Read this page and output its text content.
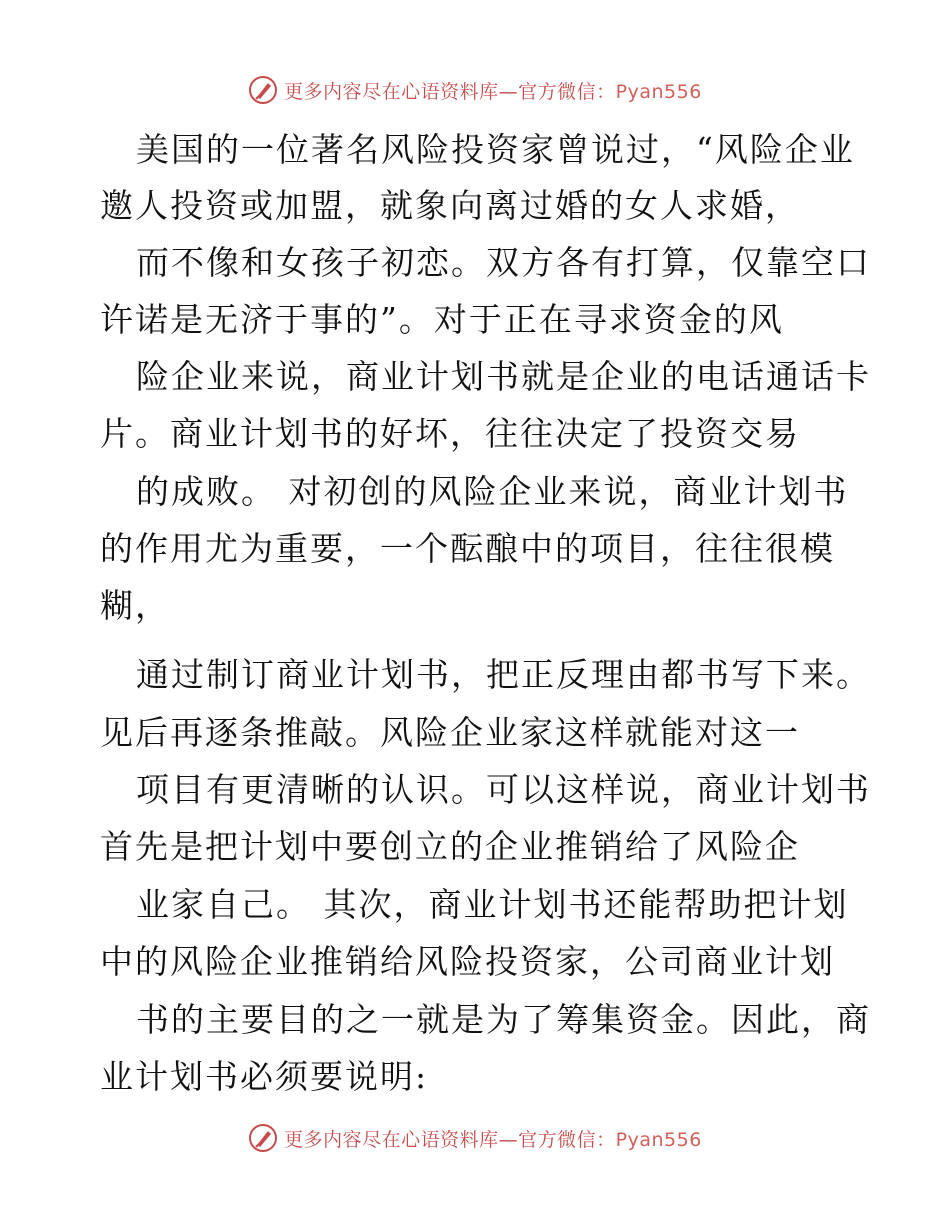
更多内容尽在心语资料库—官方微信：Pyan556
美国的一位著名风险投资家曾说过，“风险企业
邀人投资或加盟，就象向离过婚的女人求婚，
而不像和女孩子初恋。双方各有打算，仅靠空口
许诺是无济于事的”。对于正在寻求资金的风
险企业来说，商业计划书就是企业的电话通话卡
片。商业计划书的好坏，往往决定了投资交易
的成败。 对初创的风险企业来说，商业计划书
的作用尤为重要，一个酝酿中的项目，往往很模
糊，
通过制订商业计划书，把正反理由都书写下来。
见后再逐条推敲。风险企业家这样就能对这一
项目有更清晰的认识。可以这样说，商业计划书
首先是把计划中要创立的企业推销给了风险企
业家自己。 其次，商业计划书还能帮助把计划
中的风险企业推销给风险投资家，公司商业计划
书的主要目的之一就是为了筹集资金。因此，商
业计划书必须要说明:
更多内容尽在心语资料库—官方微信：Pyan556
